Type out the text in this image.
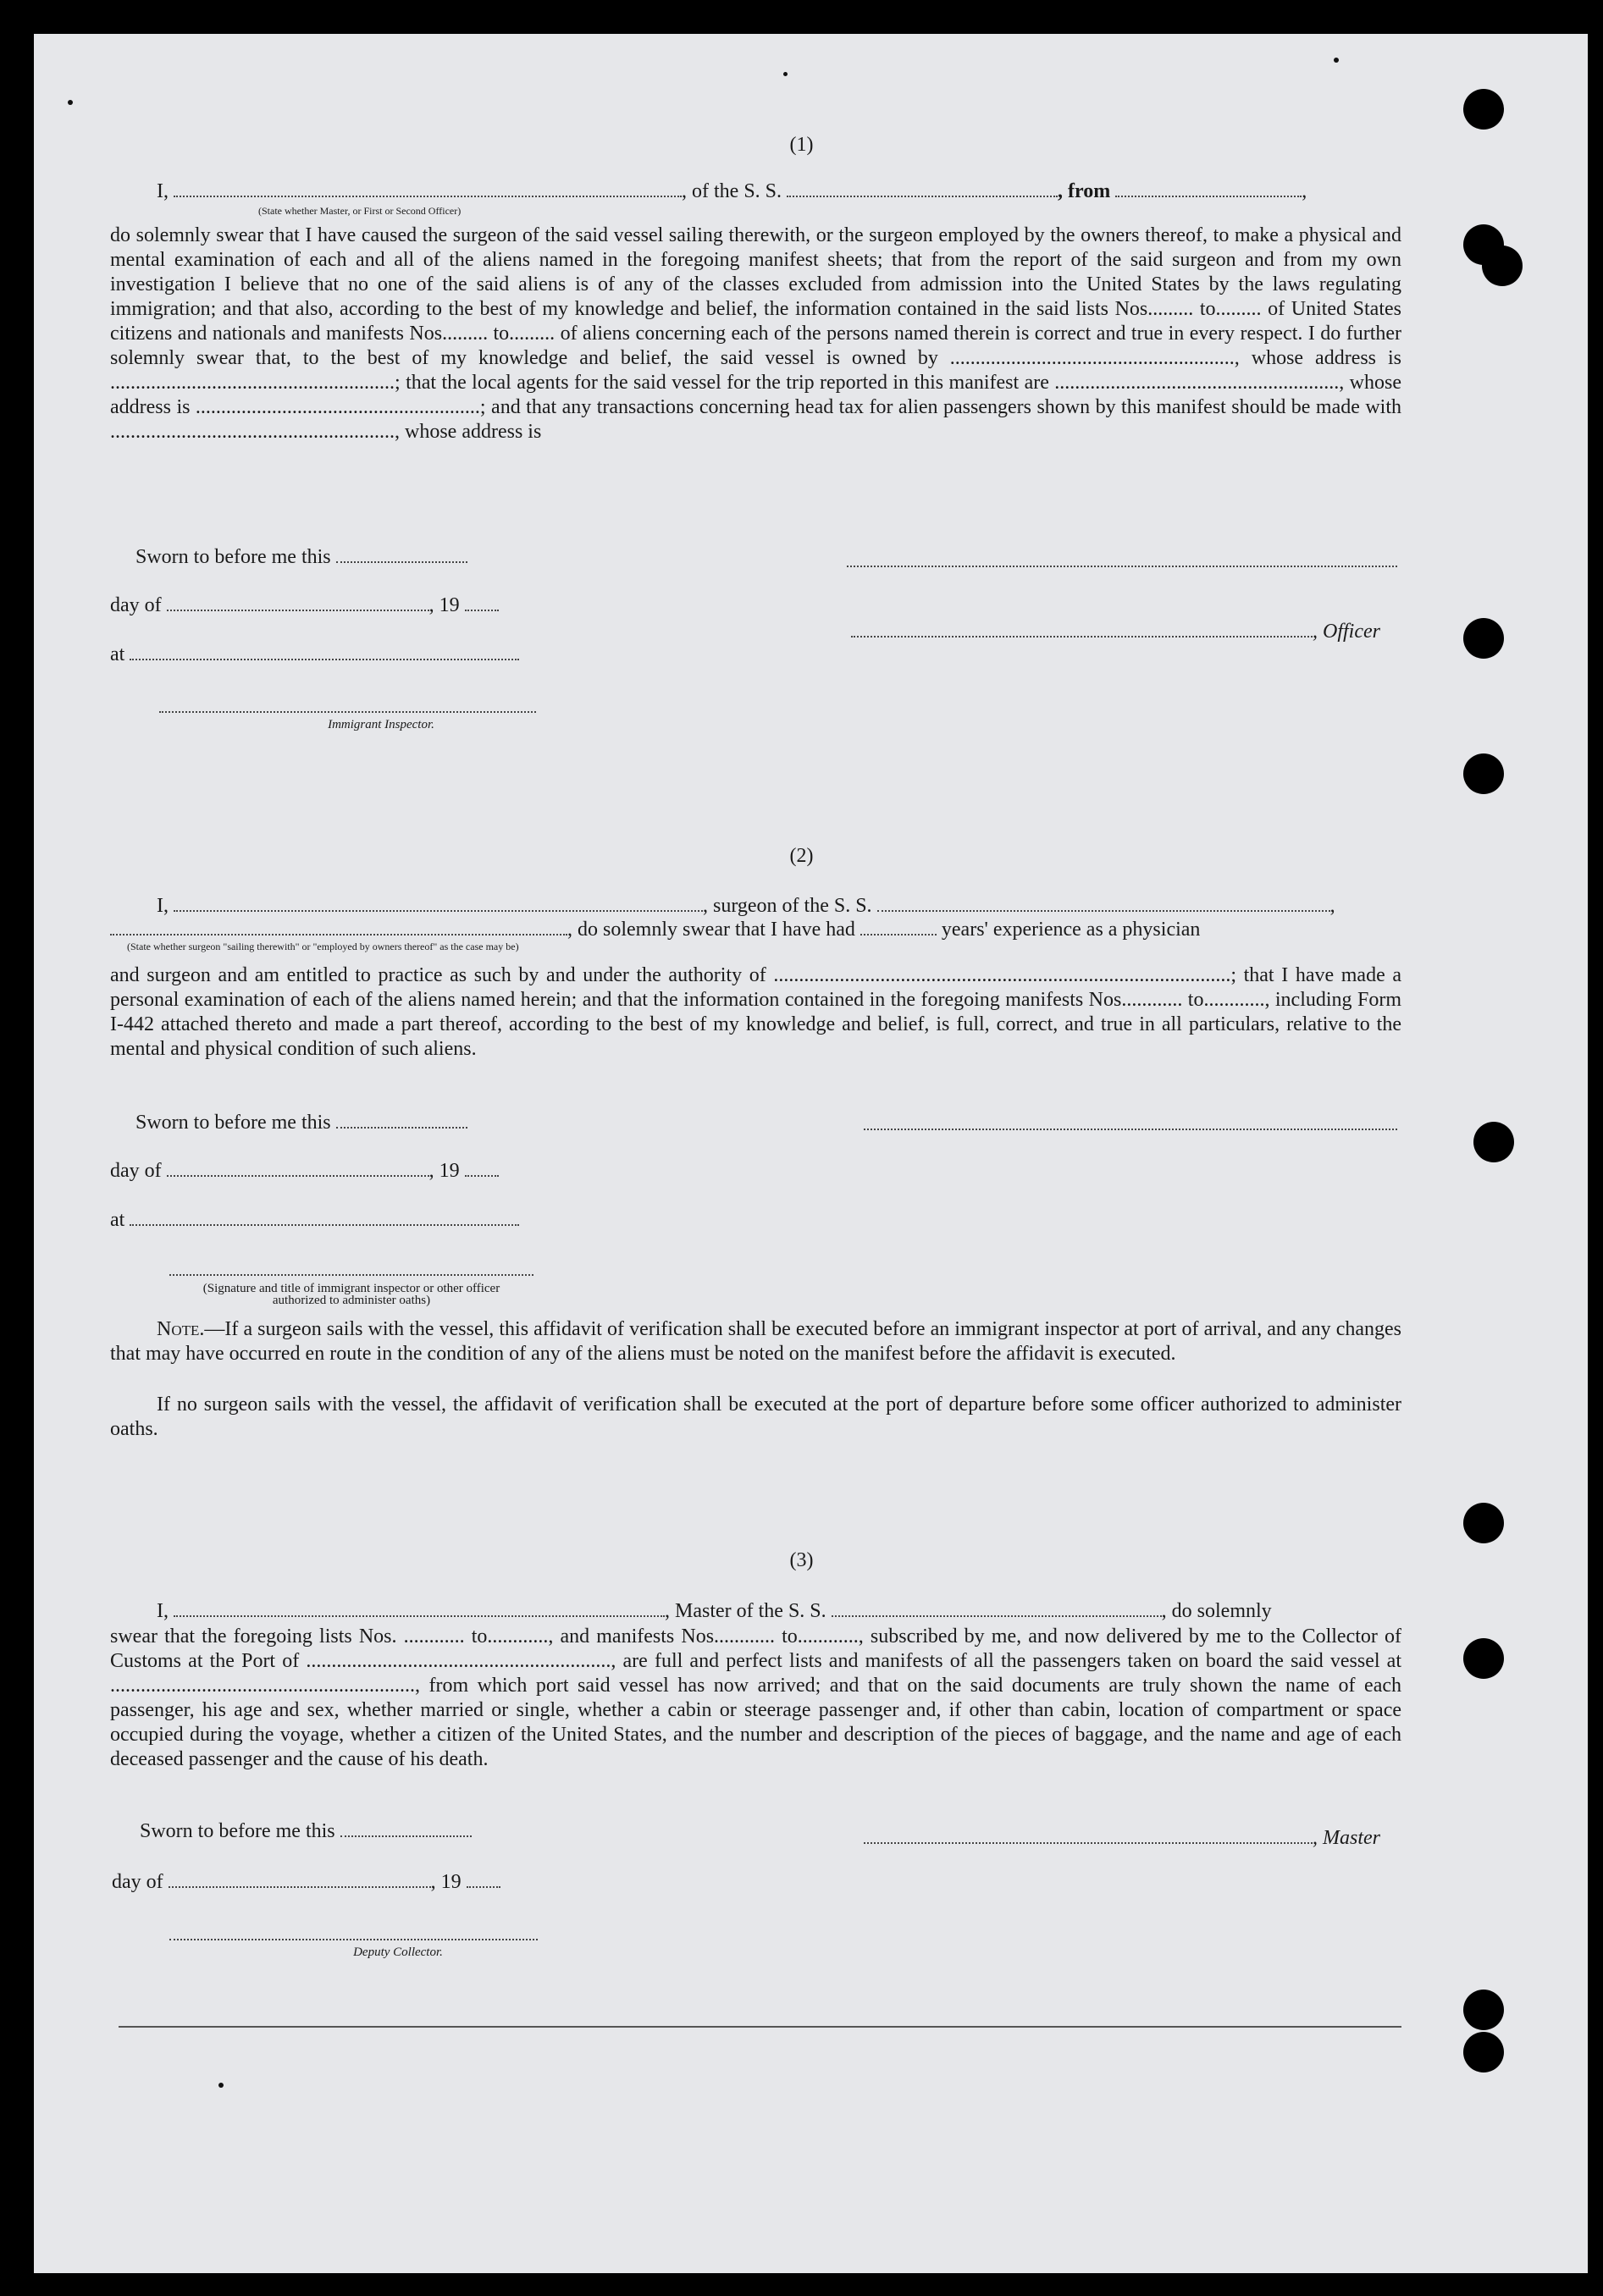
(1)
I,	, of the S. S.	, from	,
(State whether Master, or First or Second Officer)
do solemnly swear that I have caused the surgeon of the said vessel sailing therewith, or the surgeon employed by the owners thereof, to make a physical and mental examination of each and all of the aliens named in the foregoing manifest sheets; that from the report of the said surgeon and from my own investigation I believe that no one of the said aliens is of any of the classes excluded from admission into the United States by the laws regulating immigration; and that also, according to the best of my knowledge and belief, the information contained in the said lists Nos......... to......... of United States citizens and nationals and manifests Nos......... to......... of aliens concerning each of the persons named therein is correct and true in every respect. I do further solemnly swear that, to the best of my knowledge and belief, the said vessel is owned by ........................................................, whose address is ........................................................; that the local agents for the said vessel for the trip reported in this manifest are ........................................................, whose address is ........................................................; and that any transactions concerning head tax for alien passengers shown by this manifest should be made with ........................................................, whose address is
Sworn to before me this
day of	, 19
, Officer
at
Immigrant Inspector.
(2)
I,	, surgeon of the S. S.	,
, do solemnly swear that I have had	years' experience as a physician
(State whether surgeon "sailing therewith" or "employed by owners thereof" as the case may be)
and surgeon and am entitled to practice as such by and under the authority of ..........................................................................................; that I have made a personal examination of each of the aliens named herein; and that the information contained in the foregoing manifests Nos............ to............, including Form I-442 attached thereto and made a part thereof, according to the best of my knowledge and belief, is full, correct, and true in all particulars, relative to the mental and physical condition of such aliens.
Sworn to before me this
day of	, 19
at
(Signature and title of immigrant inspector or other officer authorized to administer oaths)
Note.—If a surgeon sails with the vessel, this affidavit of verification shall be executed before an immigrant inspector at port of arrival, and any changes that may have occurred en route in the condition of any of the aliens must be noted on the manifest before the affidavit is executed.
If no surgeon sails with the vessel, the affidavit of verification shall be executed at the port of departure before some officer authorized to administer oaths.
(3)
I,	, Master of the S. S.	, do solemnly
swear that the foregoing lists Nos. ............ to............, and manifests Nos............ to............, subscribed by me, and now delivered by me to the Collector of Customs at the Port of ............................................................, are full and perfect lists and manifests of all the passengers taken on board the said vessel at ............................................................, from which port said vessel has now arrived; and that on the said documents are truly shown the name of each passenger, his age and sex, whether married or single, whether a cabin or steerage passenger and, if other than cabin, location of compartment or space occupied during the voyage, whether a citizen of the United States, and the number and description of the pieces of baggage, and the name and age of each deceased passenger and the cause of his death.
Sworn to before me this	, Master
day of	, 19
Deputy Collector.
